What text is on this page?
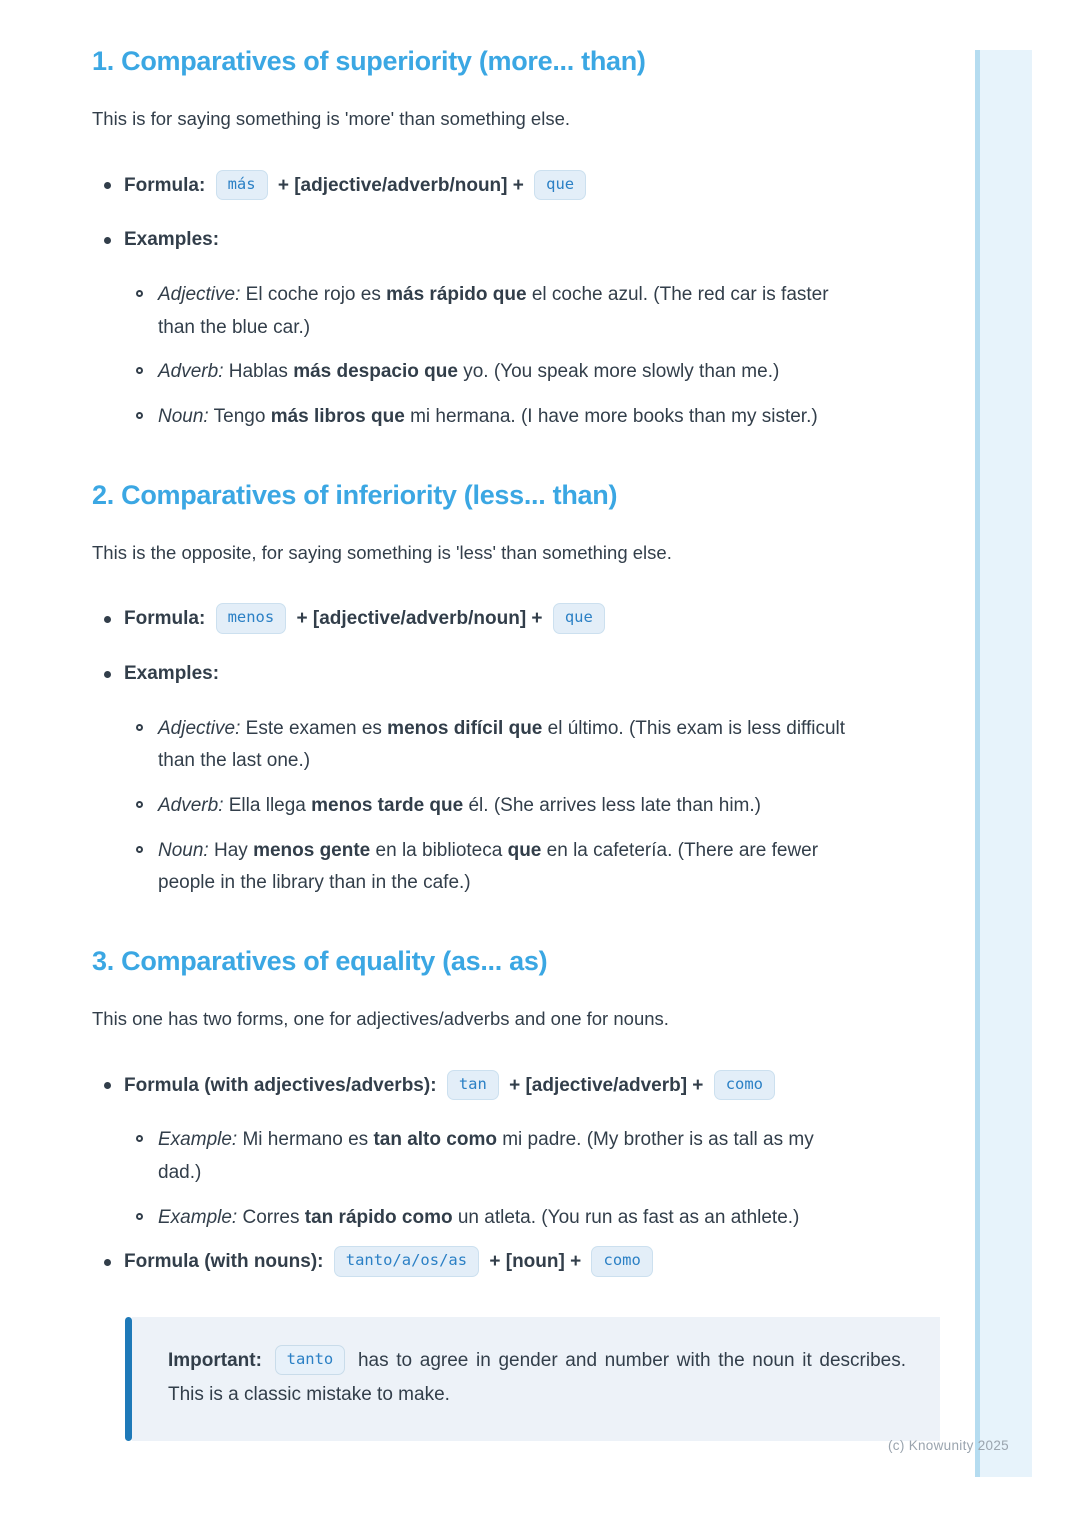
1. Comparatives of superiority (more... than)

This is for saying something is 'more' than something else.

Formula: más + [adjective/adverb/noun] + que
Examples:
Adjective: El coche rojo es más rápido que el coche azul. (The red car is faster than the blue car.)
Adverb: Hablas más despacio que yo. (You speak more slowly than me.)
Noun: Tengo más libros que mi hermana. (I have more books than my sister.)
2. Comparatives of inferiority (less... than)

This is the opposite, for saying something is 'less' than something else.

Formula: menos + [adjective/adverb/noun] + que
Examples:
Adjective: Este examen es menos difícil que el último. (This exam is less difficult than the last one.)
Adverb: Ella llega menos tarde que él. (She arrives less late than him.)
Noun: Hay menos gente en la biblioteca que en la cafetería. (There are fewer people in the library than in the cafe.)
3. Comparatives of equality (as... as)

This one has two forms, one for adjectives/adverbs and one for nouns.

Formula (with adjectives/adverbs): tan + [adjective/adverb] + como
Example: Mi hermano es tan alto como mi padre. (My brother is as tall as my dad.)
Example: Corres tan rápido como un atleta. (You run as fast as an athlete.)
Formula (with nouns): tanto/a/os/as + [noun] + como
Important: tanto has to agree in gender and number with the noun it describes. This is a classic mistake to make.
(c) Knowunity 2025
